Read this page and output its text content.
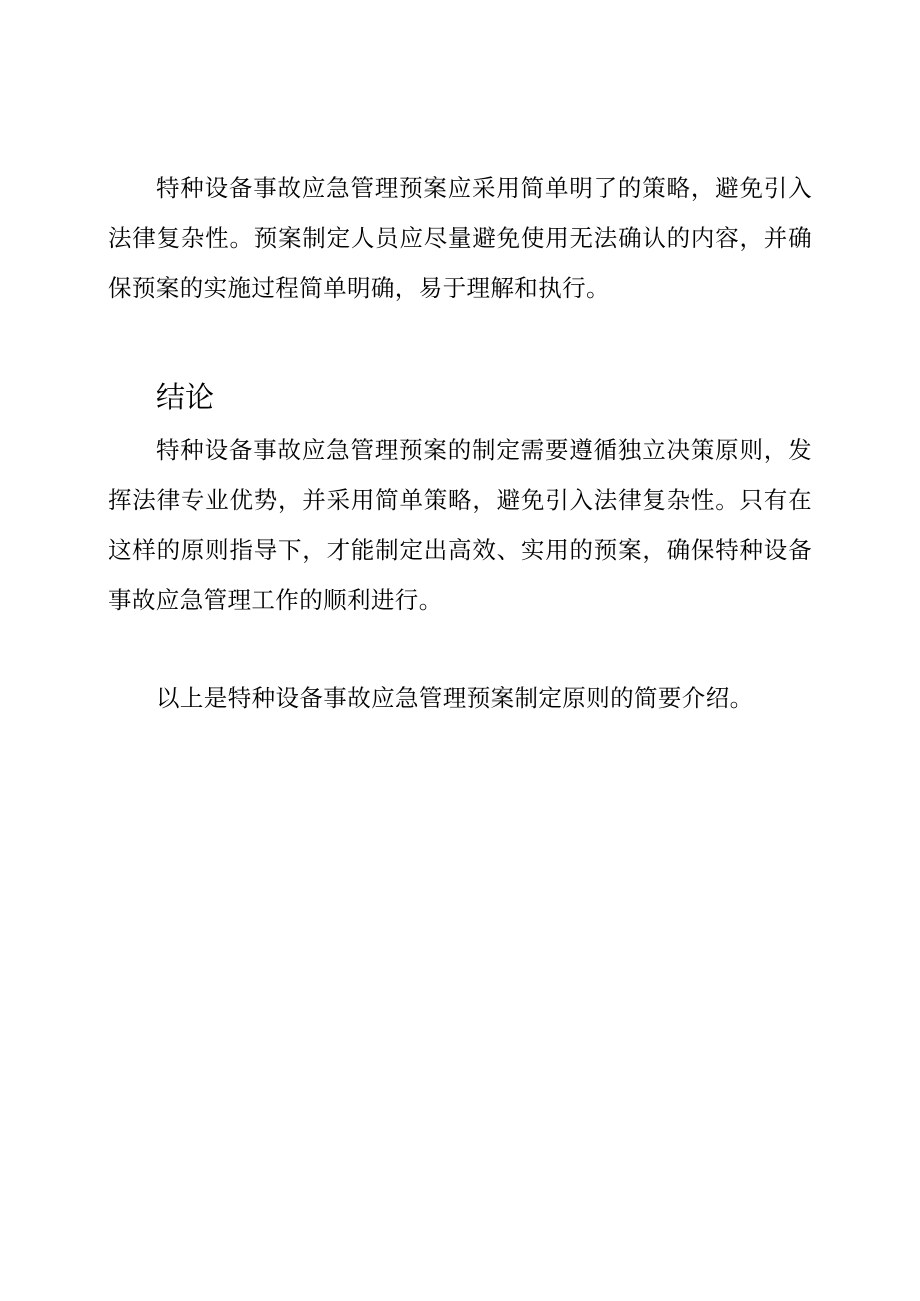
特种设备事故应急管理预案应采用简单明了的策略，避免引入法律复杂性。预案制定人员应尽量避免使用无法确认的内容，并确保预案的实施过程简单明确，易于理解和执行。

结论

特种设备事故应急管理预案的制定需要遵循独立决策原则，发挥法律专业优势，并采用简单策略，避免引入法律复杂性。只有在这样的原则指导下，才能制定出高效、实用的预案，确保特种设备事故应急管理工作的顺利进行。

以上是特种设备事故应急管理预案制定原则的简要介绍。
